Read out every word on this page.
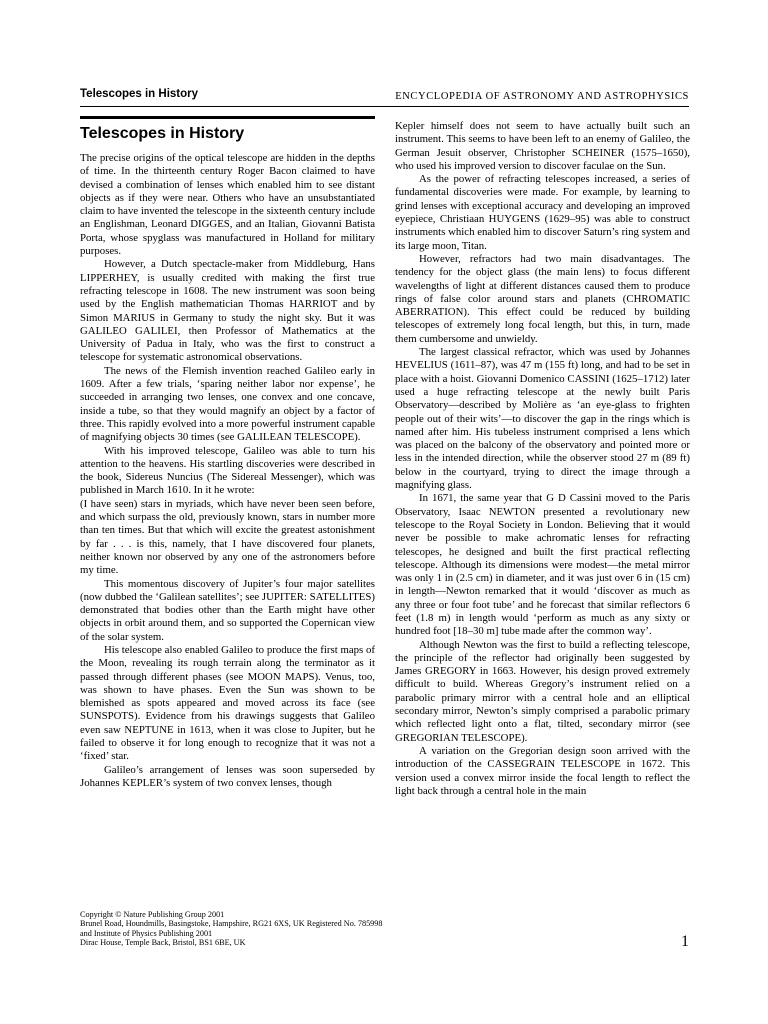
Telescopes in History	ENCYCLOPEDIA OF ASTRONOMY AND ASTROPHYSICS
Telescopes in History

The precise origins of the optical telescope are hidden in the depths of time. In the thirteenth century Roger Bacon claimed to have devised a combination of lenses which enabled him to see distant objects as if they were near. Others who have an unsubstantiated claim to have invented the telescope in the sixteenth century include an Englishman, Leonard DIGGES, and an Italian, Giovanni Batista Porta, whose spyglass was manufactured in Holland for military purposes.

However, a Dutch spectacle-maker from Middleburg, Hans LIPPERHEY, is usually credited with making the first true refracting telescope in 1608. The new instrument was soon being used by the English mathematician Thomas HARRIOT and by Simon MARIUS in Germany to study the night sky. But it was GALILEO GALILEI, then Professor of Mathematics at the University of Padua in Italy, who was the first to construct a telescope for systematic astronomical observations.

The news of the Flemish invention reached Galileo early in 1609. After a few trials, ‘sparing neither labor nor expense’, he succeeded in arranging two lenses, one convex and one concave, inside a tube, so that they would magnify an object by a factor of three. This rapidly evolved into a more powerful instrument capable of magnifying objects 30 times (see GALILEAN TELESCOPE).

With his improved telescope, Galileo was able to turn his attention to the heavens. His startling discoveries were described in the book, Sidereus Nuncius (The Sidereal Messenger), which was published in March 1610. In it he wrote:

(I have seen) stars in myriads, which have never been seen before, and which surpass the old, previously known, stars in number more than ten times. But that which will excite the greatest astonishment by far . . . is this, namely, that I have discovered four planets, neither known nor observed by any one of the astronomers before my time.

This momentous discovery of Jupiter’s four major satellites (now dubbed the ‘Galilean satellites’; see JUPITER: SATELLITES) demonstrated that bodies other than the Earth might have other objects in orbit around them, and so supported the Copernican view of the solar system.

His telescope also enabled Galileo to produce the first maps of the Moon, revealing its rough terrain along the terminator as it passed through different phases (see MOON MAPS). Venus, too, was shown to have phases. Even the Sun was shown to be blemished as spots appeared and moved across its face (see SUNSPOTS). Evidence from his drawings suggests that Galileo even saw NEPTUNE in 1613, when it was close to Jupiter, but he failed to observe it for long enough to recognize that it was not a ‘fixed’ star.

Galileo’s arrangement of lenses was soon superseded by Johannes KEPLER’s system of two convex lenses, though

Kepler himself does not seem to have actually built such an instrument. This seems to have been left to an enemy of Galileo, the German Jesuit observer, Christopher SCHEINER (1575–1650), who used his improved version to discover faculae on the Sun.

As the power of refracting telescopes increased, a series of fundamental discoveries were made. For example, by learning to grind lenses with exceptional accuracy and developing an improved eyepiece, Christiaan HUYGENS (1629–95) was able to construct instruments which enabled him to discover Saturn’s ring system and its large moon, Titan.

However, refractors had two main disadvantages. The tendency for the object glass (the main lens) to focus different wavelengths of light at different distances caused them to produce rings of false color around stars and planets (CHROMATIC ABERRATION). This effect could be reduced by building telescopes of extremely long focal length, but this, in turn, made them cumbersome and unwieldy.

The largest classical refractor, which was used by Johannes HEVELIUS (1611–87), was 47 m (155 ft) long, and had to be set in place with a hoist. Giovanni Domenico CASSINI (1625–1712) later used a huge refracting telescope at the newly built Paris Observatory—described by Molière as ‘an eye-glass to frighten people out of their wits’—to discover the gap in the rings which is named after him. His tubeless instrument comprised a lens which was placed on the balcony of the observatory and pointed more or less in the intended direction, while the observer stood 27 m (89 ft) below in the courtyard, trying to direct the image through a magnifying glass.

In 1671, the same year that G D Cassini moved to the Paris Observatory, Isaac NEWTON presented a revolutionary new telescope to the Royal Society in London. Believing that it would never be possible to make achromatic lenses for refracting telescopes, he designed and built the first practical reflecting telescope. Although its dimensions were modest—the metal mirror was only 1 in (2.5 cm) in diameter, and it was just over 6 in (15 cm) in length—Newton remarked that it would ‘discover as much as any three or four foot tube’ and he forecast that similar reflectors 6 feet (1.8 m) in length would ‘perform as much as any sixty or hundred foot [18–30 m] tube made after the common way’.

Although Newton was the first to build a reflecting telescope, the principle of the reflector had originally been suggested by James GREGORY in 1663. However, his design proved extremely difficult to build. Whereas Gregory’s instrument relied on a parabolic primary mirror with a central hole and an elliptical secondary mirror, Newton’s simply comprised a parabolic primary which reflected light onto a flat, tilted, secondary mirror (see GREGORIAN TELESCOPE).

A variation on the Gregorian design soon arrived with the introduction of the CASSEGRAIN TELESCOPE in 1672. This version used a convex mirror inside the focal length to reflect the light back through a central hole in the main

Copyright © Nature Publishing Group 2001
Brunel Road, Houndmills, Basingstoke, Hampshire, RG21 6XS, UK Registered No. 785998
and Institute of Physics Publishing 2001
Dirac House, Temple Back, Bristol, BS1 6BE, UK	1
